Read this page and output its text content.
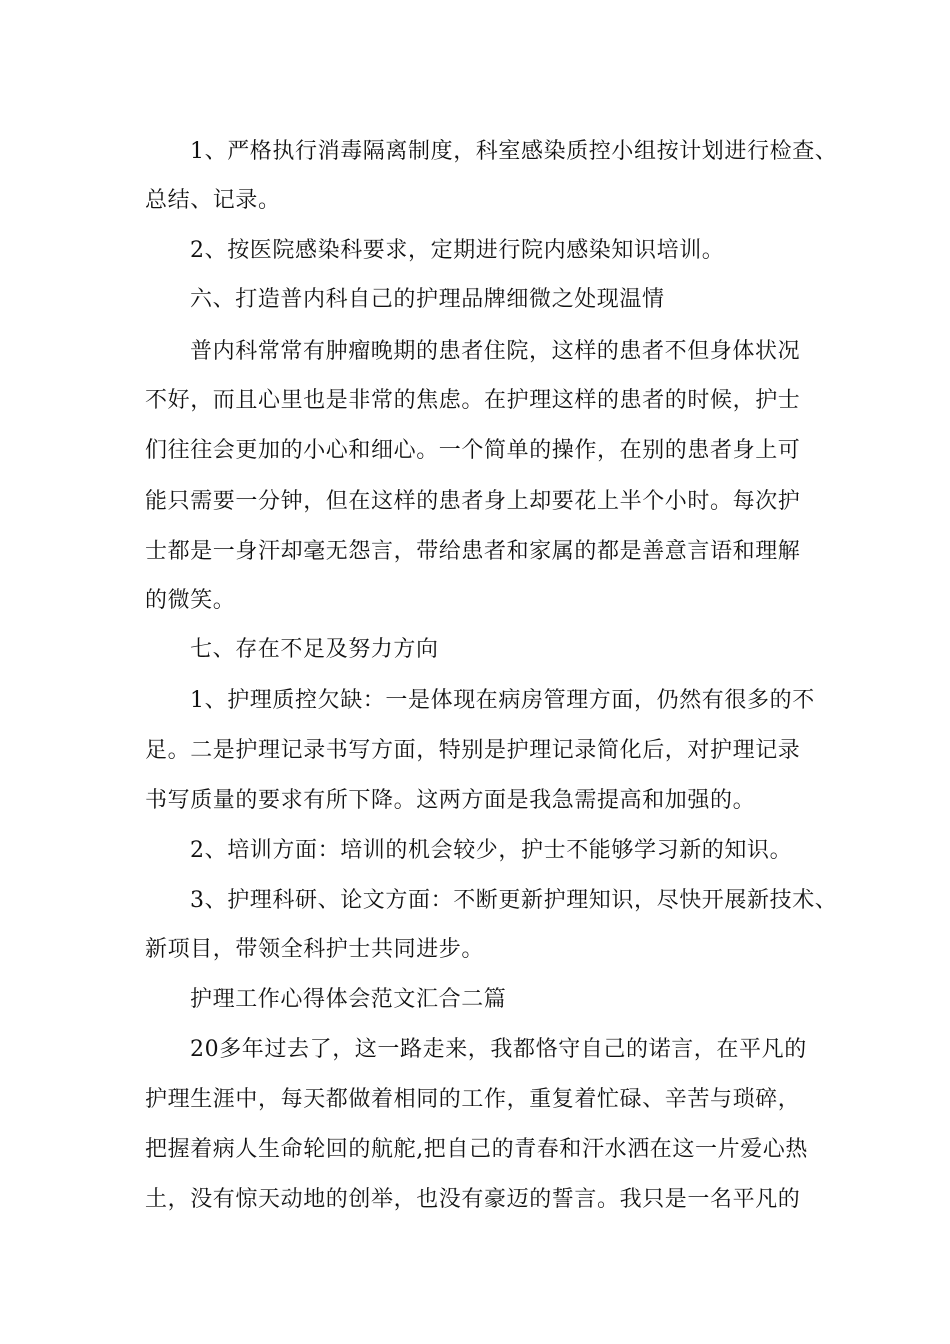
1、严格执行消毒隔离制度，科室感染质控小组按计划进行检查、
总结、记录。
2、按医院感染科要求，定期进行院内感染知识培训。
六、打造普内科自己的护理品牌细微之处现温情
普内科常常有肿瘤晚期的患者住院，这样的患者不但身体状况
不好，而且心里也是非常的焦虑。在护理这样的患者的时候，护士
们往往会更加的小心和细心。一个简单的操作，在别的患者身上可
能只需要一分钟，但在这样的患者身上却要花上半个小时。每次护
士都是一身汗却毫无怨言，带给患者和家属的都是善意言语和理解
的微笑。
七、存在不足及努力方向
1、护理质控欠缺：一是体现在病房管理方面，仍然有很多的不
足。二是护理记录书写方面，特别是护理记录简化后，对护理记录
书写质量的要求有所下降。这两方面是我急需提高和加强的。
2、培训方面：培训的机会较少，护士不能够学习新的知识。
3、护理科研、论文方面：不断更新护理知识，尽快开展新技术、
新项目，带领全科护士共同进步。
护理工作心得体会范文汇合二篇
20多年过去了，这一路走来，我都恪守自己的诺言，在平凡的
护理生涯中，每天都做着相同的工作，重复着忙碌、辛苦与琐碎，
把握着病人生命轮回的航舵,把自己的青春和汗水洒在这一片爱心热
土，没有惊天动地的创举，也没有豪迈的誓言。我只是一名平凡的
